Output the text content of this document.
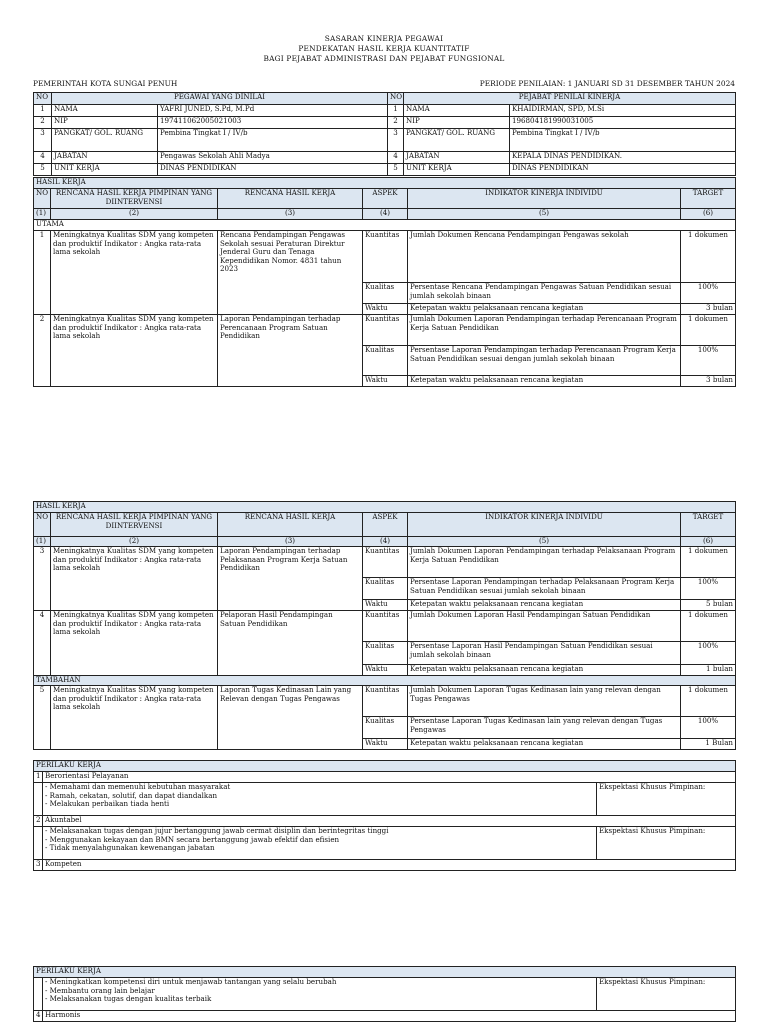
SASARAN KINERJA PEGAWAI
PENDEKATAN HASIL KERJA KUANTITATIF
BAGI PEJABAT ADMINISTRASI DAN PEJABAT FUNGSIONAL
PEMERINTAH KOTA SUNGAI PENUH	PERIODE PENILAIAN: 1 JANUARI SD 31 DESEMBER TAHUN 2024
NO	PEGAWAI YANG DINILAI		NO	PEJABAT PENILAI KINERJA	
1	NAMA	YAFRI JUNED, S.Pd, M.Pd	1	NAMA	KHAIDIRMAN, SPD, M.Si
2	NIP	197411062005021003	2	NIP	196804181990031005
3	PANGKAT/ GOL. RUANG	Pembina Tingkat I / IV/b	3	PANGKAT/ GOL. RUANG	Pembina Tingkat I / IV/b
4	JABATAN	Pengawas Sekolah Ahli Madya	4	JABATAN	KEPALA DINAS PENDIDIKAN.
5	UNIT KERJA	DINAS PENDIDIKAN	5	UNIT KERJA	DINAS PENDIDIKAN
HASIL KERJA					
NO	RENCANA HASIL KERJA PIMPINAN YANG DIINTERVENSI	RENCANA HASIL KERJA	ASPEK	INDIKATOR KINERJA INDIVIDU	TARGET
(1)	(2)	(3)	(4)	(5)	(6)
UTAMA					
1	Meningkatnya Kualitas SDM yang kompeten dan produktif Indikator : Angka rata-rata lama sekolah	Rencana Pendampingan Pengawas Sekolah sesuai Peraturan Direktur Jenderal Guru dan Tenaga Kependidikan Nomor. 4831 tahun 2023	Kuantitas	Jumlah Dokumen Rencana Pendampingan Pengawas sekolah	1 dokumen
			Kualitas	Persentase Rencana Pendampingan Pengawas Satuan Pendidikan sesuai jumlah sekolah binaan	100%
			Waktu	Ketepatan waktu pelaksanaan rencana kegiatan	3 bulan
2	Meningkatnya Kualitas SDM yang kompeten dan produktif Indikator : Angka rata-rata lama sekolah	Laporan Pendampingan terhadap Perencanaan Program Satuan Pendidikan	Kuantitas	Jumlah Dokumen Laporan Pendampingan terhadap Perencanaan Program Kerja Satuan Pendidikan	1 dokumen
			Kualitas	Persentase Laporan Pendampingan terhadap Perencanaan Program Kerja Satuan Pendidikan sesuai dengan jumlah sekolah binaan	100%
			Waktu	Ketepatan waktu pelaksanaan rencana kegiatan	3 bulan
HASIL KERJA					
NO	RENCANA HASIL KERJA PIMPINAN YANG DIINTERVENSI	RENCANA HASIL KERJA	ASPEK	INDIKATOR KINERJA INDIVIDU	TARGET
(1)	(2)	(3)	(4)	(5)	(6)
3	Meningkatnya Kualitas SDM yang kompeten dan produktif Indikator : Angka rata-rata lama sekolah	Laporan Pendampingan terhadap Pelaksanaan Program Kerja Satuan Pendidikan	Kuantitas	Jumlah Dokumen Laporan Pendampingan terhadap Pelaksanaan Program Kerja Satuan Pendidikan	1 dokumen
			Kualitas	Persentase Laporan Pendampingan terhadap Pelaksanaan Program Kerja Satuan Pendidikan sesuai jumlah sekolah binaan	100%
			Waktu	Ketepatan waktu pelaksanaan rencana kegiatan	5 bulan
4	Meningkatnya Kualitas SDM yang kompeten dan produktif Indikator : Angka rata-rata lama sekolah	Pelaporan Hasil Pendampingan Satuan Pendidikan	Kuantitas	Jumlah Dokumen Laporan Hasil Pendampingan Satuan Pendidikan	1 dokumen
			Kualitas	Persentase Laporan Hasil Pendampingan Satuan Pendidikan sesuai jumlah sekolah binaan	100%
			Waktu	Ketepatan waktu pelaksanaan rencana kegiatan	1 bulan
TAMBAHAN					
5	Meningkatnya Kualitas SDM yang kompeten dan produktif Indikator : Angka rata-rata lama sekolah	Laporan Tugas Kedinasan Lain yang Relevan dengan Tugas Pengawas	Kuantitas	Jumlah Dokumen Laporan Tugas Kedinasan lain yang relevan dengan Tugas Pengawas	1 dokumen
			Kualitas	Persentase Laporan Tugas Kedinasan lain yang relevan dengan Tugas Pengawas	100%
			Waktu	Ketepatan waktu pelaksanaan rencana kegiatan	1 Bulan
PERILAKU KERJA		
1	Berorientasi Pelayanan	

	- Memahami dan memenuhi kebutuhan masyarakat
- Ramah, cekatan, solutif, dan dapat diandalkan
- Melakukan perbaikan tiada henti	Ekspektasi Khusus Pimpinan:
2	Akuntabel	

	- Melaksanakan tugas dengan jujur bertanggung jawab cermat disiplin dan berintegritas tinggi
- Menggunakan kekayaan dan BMN secara bertanggung jawab efektif dan efisien
- Tidak menyalahgunakan kewenangan jabatan	Ekspektasi Khusus Pimpinan:
3	Kompeten	
PERILAKU KERJA		

	- Meningkatkan kompetensi diri untuk menjawab tantangan yang selalu berubah
- Membantu orang lain belajar
- Melaksanakan tugas dengan kualitas terbaik	Ekspektasi Khusus Pimpinan:
4	Harmonis	
